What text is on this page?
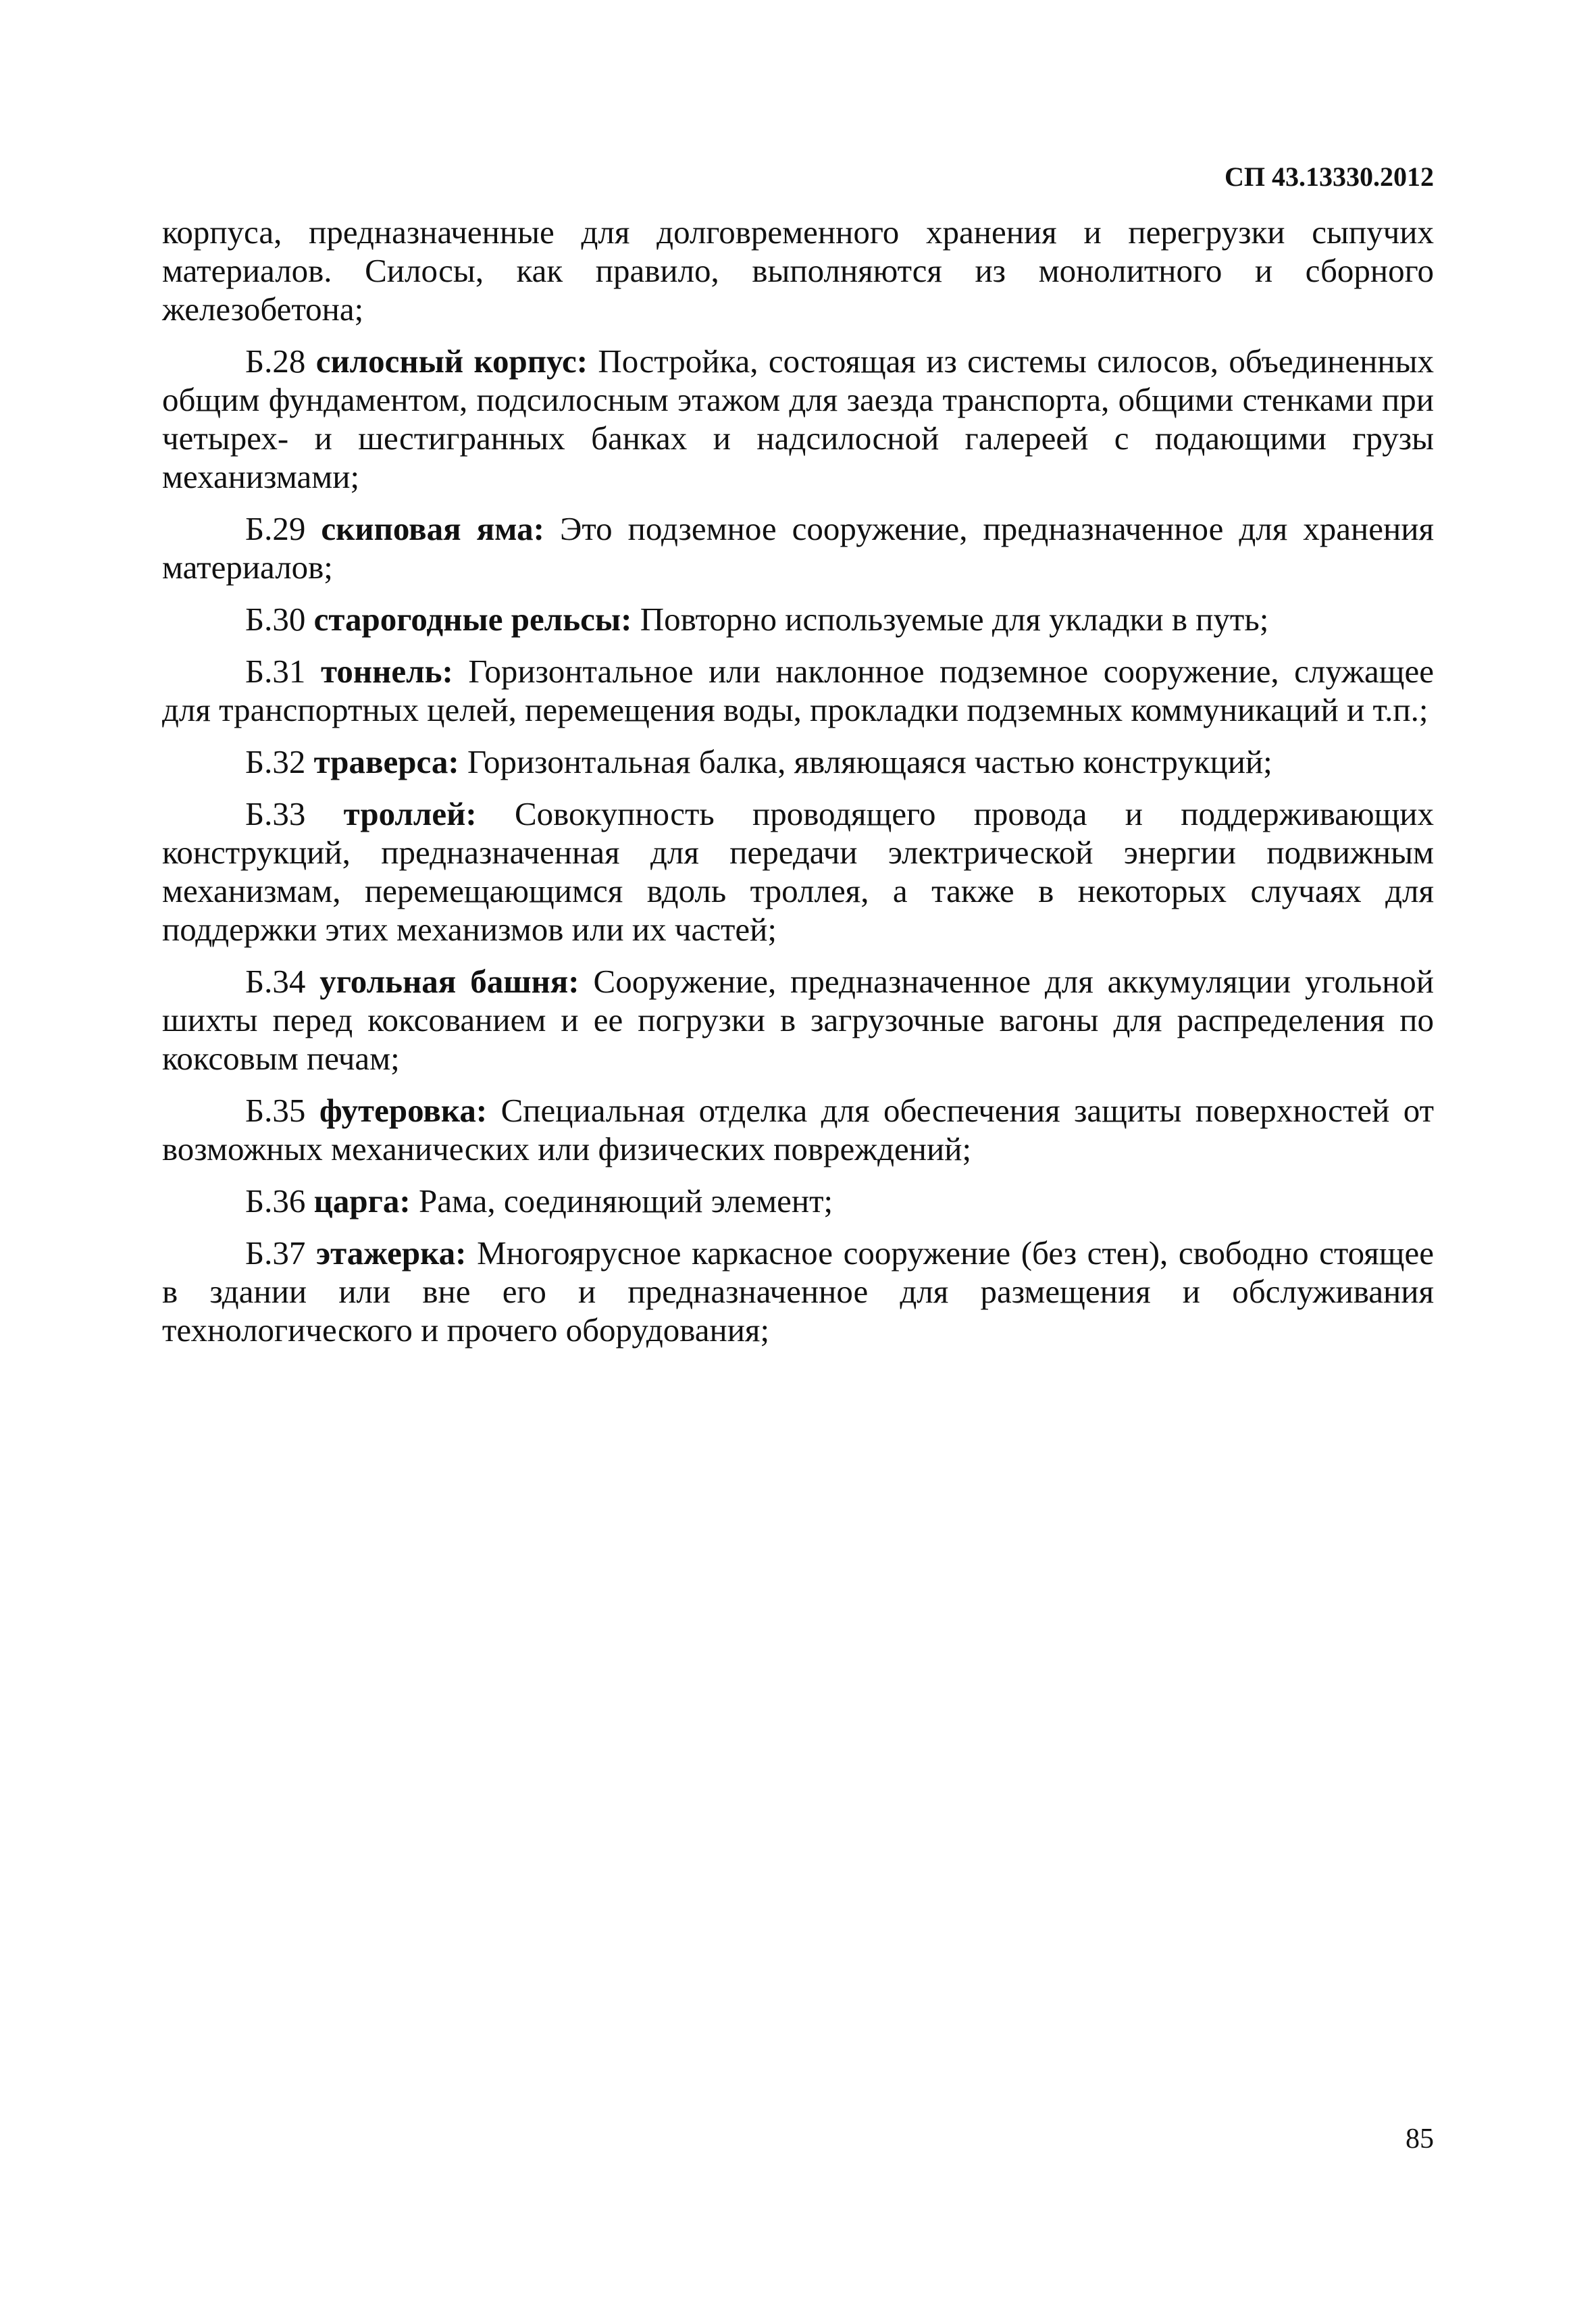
СП 43.13330.2012

корпуса, предназначенные для долговременного хранения и перегрузки сыпучих материалов. Силосы, как правило, выполняются из монолитного и сборного железобетона;

Б.28 силосный корпус: Постройка, состоящая из системы силосов, объединенных общим фундаментом, подсилосным этажом для заезда транспорта, общими стенками при четырех- и шестигранных банках и надсилосной галереей с подающими грузы механизмами;

Б.29 скиповая яма: Это подземное сооружение, предназначенное для хранения материалов;

Б.30 старогодные рельсы: Повторно используемые для укладки в путь;

Б.31 тоннель: Горизонтальное или наклонное подземное сооружение, служащее для транспортных целей, перемещения воды, прокладки подземных коммуникаций и т.п.;

Б.32 траверса: Горизонтальная балка, являющаяся частью конструкций;

Б.33 троллей: Совокупность проводящего провода и поддерживающих конструкций, предназначенная для передачи электрической энергии подвижным механизмам, перемещающимся вдоль троллея, а также в некоторых случаях для поддержки этих механизмов или их частей;

Б.34 угольная башня: Сооружение, предназначенное для аккумуляции угольной шихты перед коксованием и ее погрузки в загрузочные вагоны для распределения по коксовым печам;

Б.35 футеровка: Специальная отделка для обеспечения защиты поверхностей от возможных механических или физических повреждений;

Б.36 царга: Рама, соединяющий элемент;

Б.37 этажерка: Многоярусное каркасное сооружение (без стен), свободно стоящее в здании или вне его и предназначенное для размещения и обслуживания технологического и прочего оборудования;

85
